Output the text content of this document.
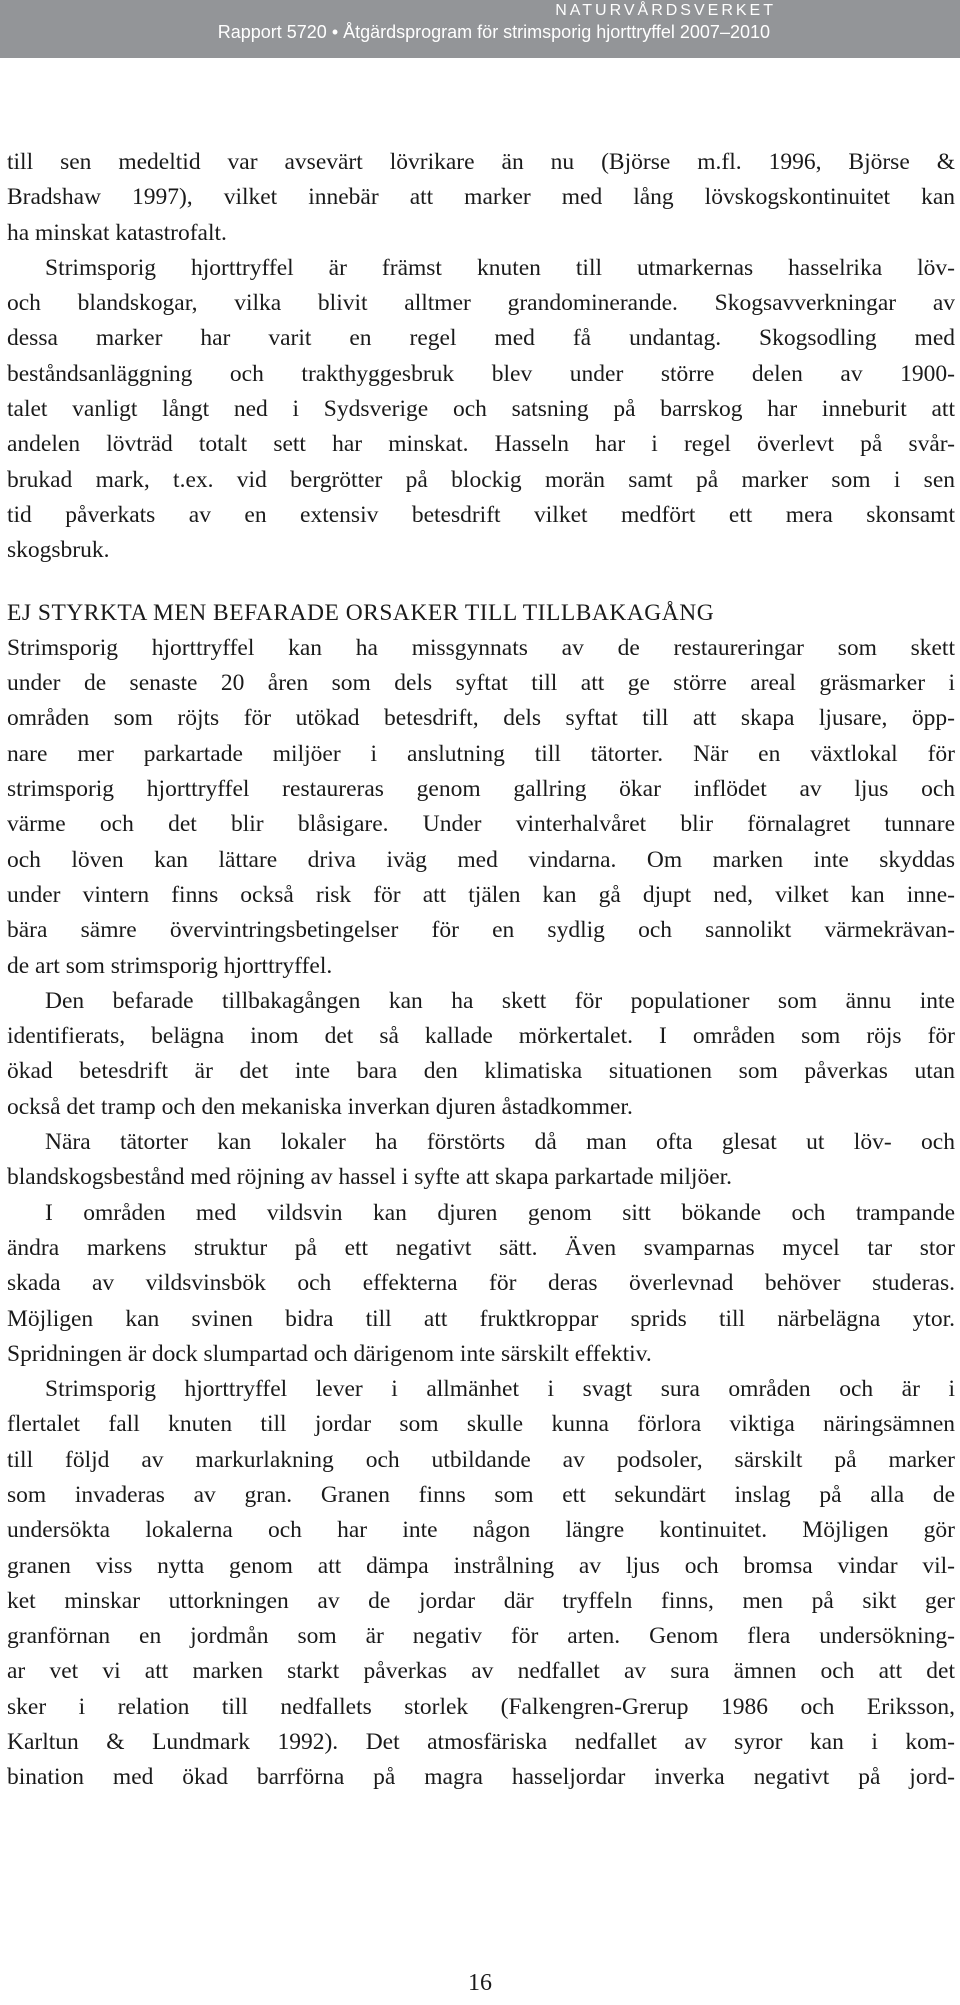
NATURVÅRDSVERKET
Rapport 5720 • Åtgärdsprogram för strimsporig hjorttryffel 2007–2010
till sen medeltid var avsevärt lövrikare än nu (Björse m.fl. 1996, Björse &
Bradshaw 1997), vilket innebär att marker med lång lövskogskontinuitet kan
ha minskat katastrofalt.
Strimsporig hjorttryffel är främst knuten till utmarkernas hasselrika löv-
och blandskogar, vilka blivit alltmer grandominerande. Skogsavverkningar av
dessa marker har varit en regel med få undantag. Skogsodling med
beståndsanläggning och trakthyggesbruk blev under större delen av 1900-
talet vanligt långt ned i Sydsverige och satsning på barrskog har inneburit att
andelen lövträd totalt sett har minskat. Hasseln har i regel överlevt på svår-
brukad mark, t.ex. vid bergrötter på blockig morän samt på marker som i sen
tid påverkats av en extensiv betesdrift vilket medfört ett mera skonsamt
skogsbruk.
EJ STYRKTA MEN BEFARADE ORSAKER TILL TILLBAKAGÅNG
Strimsporig hjorttryffel kan ha missgynnats av de restaureringar som skett
under de senaste 20 åren som dels syftat till att ge större areal gräsmarker i
områden som röjts för utökad betesdrift, dels syftat till att skapa ljusare, öpp-
nare mer parkartade miljöer i anslutning till tätorter. När en växtlokal för
strimsporig hjorttryffel restaureras genom gallring ökar inflödet av ljus och
värme och det blir blåsigare. Under vinterhalvåret blir förnalagret tunnare
och löven kan lättare driva iväg med vindarna. Om marken inte skyddas
under vintern finns också risk för att tjälen kan gå djupt ned, vilket kan inne-
bära sämre övervintringsbetingelser för en sydlig och sannolikt värmekrävan-
de art som strimsporig hjorttryffel.
Den befarade tillbakagången kan ha skett för populationer som ännu inte
identifierats, belägna inom det så kallade mörkertalet. I områden som röjs för
ökad betesdrift är det inte bara den klimatiska situationen som påverkas utan
också det tramp och den mekaniska inverkan djuren åstadkommer.
Nära tätorter kan lokaler ha förstörts då man ofta glesat ut löv- och
blandskogsbestånd med röjning av hassel i syfte att skapa parkartade miljöer.
I områden med vildsvin kan djuren genom sitt bökande och trampande
ändra markens struktur på ett negativt sätt. Även svamparnas mycel tar stor
skada av vildsvinsbök och effekterna för deras överlevnad behöver studeras.
Möjligen kan svinen bidra till att fruktkroppar sprids till närbelägna ytor.
Spridningen är dock slumpartad och därigenom inte särskilt effektiv.
Strimsporig hjorttryffel lever i allmänhet i svagt sura områden och är i
flertalet fall knuten till jordar som skulle kunna förlora viktiga näringsämnen
till följd av markurlakning och utbildande av podsoler, särskilt på marker
som invaderas av gran. Granen finns som ett sekundärt inslag på alla de
undersökta lokalerna och har inte någon längre kontinuitet. Möjligen gör
granen viss nytta genom att dämpa instrålning av ljus och bromsa vindar vil-
ket minskar uttorkningen av de jordar där tryffeln finns, men på sikt ger
granförnan en jordmån som är negativ för arten. Genom flera undersökning-
ar vet vi att marken starkt påverkas av nedfallet av sura ämnen och att det
sker i relation till nedfallets storlek (Falkengren-Grerup 1986 och Eriksson,
Karltun & Lundmark 1992). Det atmosfäriska nedfallet av syror kan i kom-
bination med ökad barrförna på magra hasseljordar inverka negativt på jord-
16
